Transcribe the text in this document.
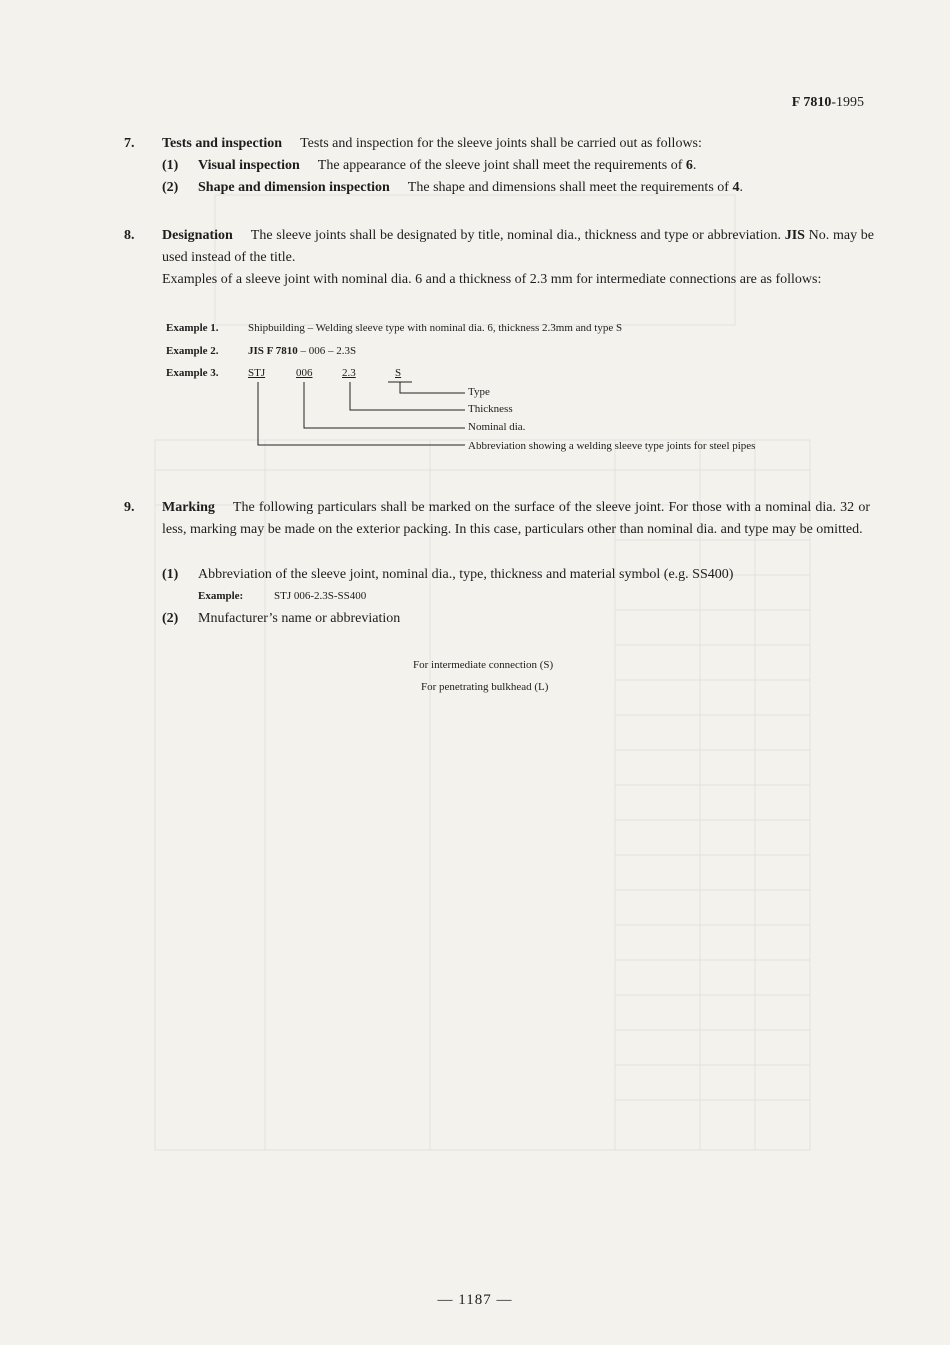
F 7810-1995
7. Tests and inspection Tests and inspection for the sleeve joints shall be carried out as follows:
(1) Visual inspection The appearance of the sleeve joint shall meet the requirements of 6.
(2) Shape and dimension inspection The shape and dimensions shall meet the requirements of 4.
8. Designation The sleeve joints shall be designated by title, nominal dia., thickness and type or abbreviation. JIS No. may be used instead of the title.
Examples of a sleeve joint with nominal dia. 6 and a thickness of 2.3 mm for intermediate connections are as follows:
Example 1.	Shipbuilding – Welding sleeve type with nominal dia. 6, thickness 2.3mm and type S
Example 2.	JIS F 7810 – 006 – 2.3S
Example 3.	STJ	006	2.3	S
Type
Thickness
Nominal dia.
Abbreviation showing a welding sleeve type joints for steel pipes
9. Marking The following particulars shall be marked on the surface of the sleeve joint. For those with a nominal dia. 32 or less, marking may be made on the exterior packing. In this case, particulars other than nominal dia. and type may be omitted.
(1) Abbreviation of the sleeve joint, nominal dia., type, thickness and material symbol (e.g. SS400)
Example:	STJ 006-2.3S-SS400
(2) Mnufacturer’s name or abbreviation
For intermediate connection (S)
For penetrating bulkhead (L)
— 1187 —
